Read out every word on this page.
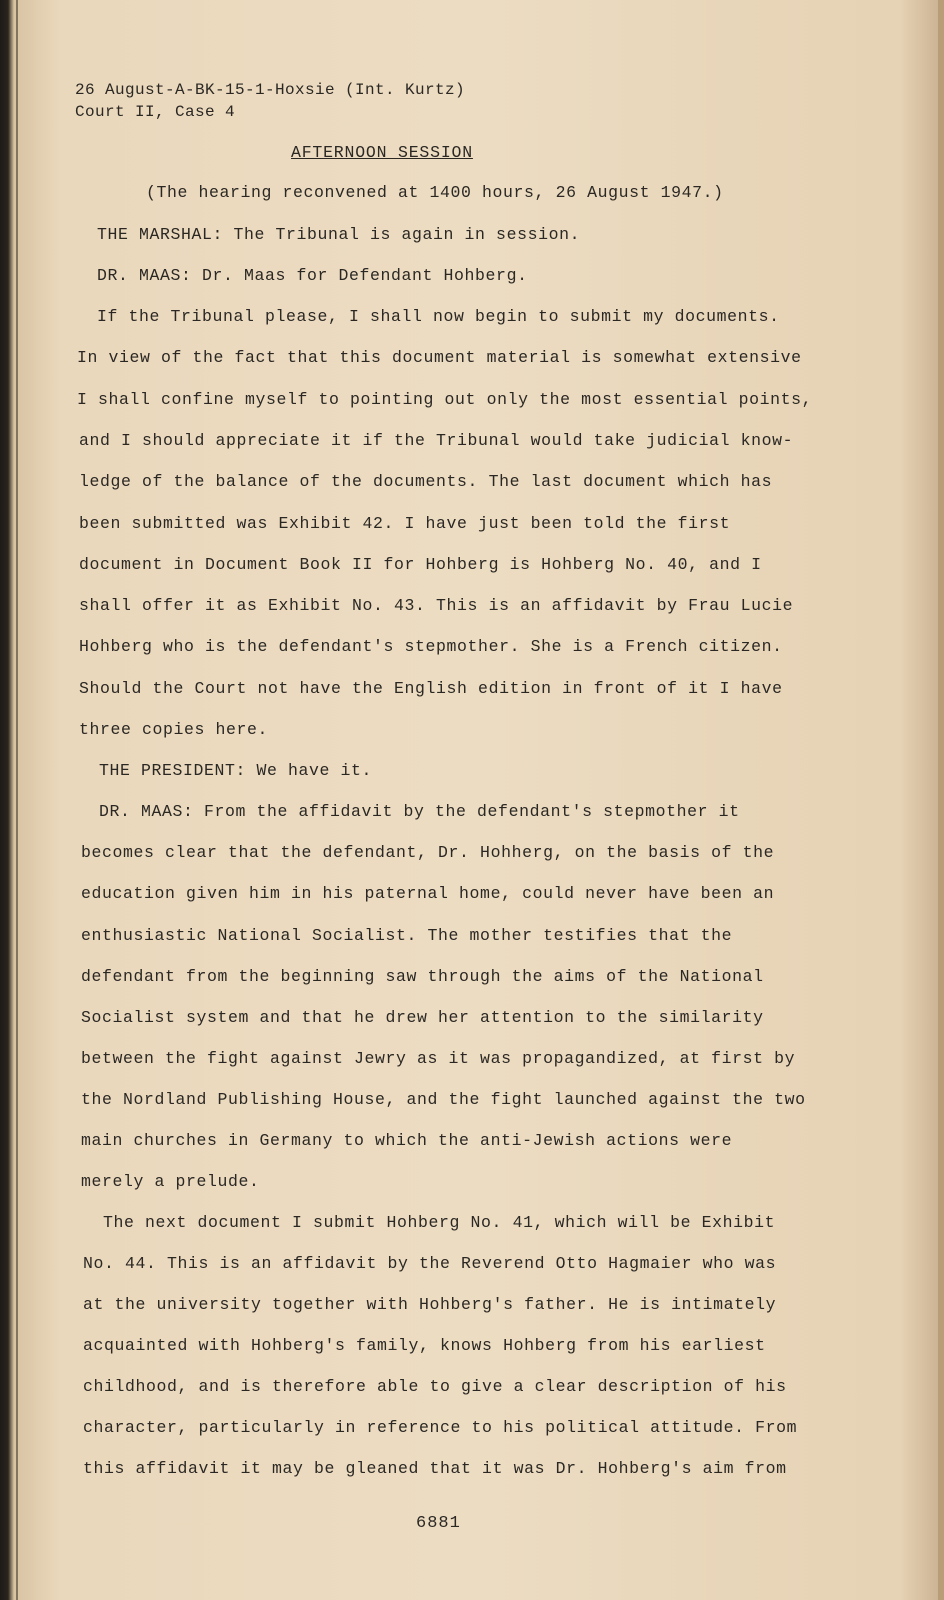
26 August-A-BK-15-1-Hoxsie (Int. Kurtz)
Court II, Case 4
AFTERNOON SESSION
(The hearing reconvened at 1400 hours, 26 August 1947.)
THE MARSHAL: The Tribunal is again in session.
DR. MAAS: Dr. Maas for Defendant Hohberg.
If the Tribunal please, I shall now begin to submit my documents.
In view of the fact that this document material is somewhat extensive
I shall confine myself to pointing out only the most essential points,
and I should appreciate it if the Tribunal would take judicial know-
ledge of the balance of the documents. The last document which has
been submitted was Exhibit 42. I have just been told the first
document in Document Book II for Hohberg is Hohberg No. 40, and I
shall offer it as Exhibit No. 43. This is an affidavit by Frau Lucie
Hohberg who is the defendant's stepmother. She is a French citizen.
Should the Court not have the English edition in front of it I have
three copies here.
THE PRESIDENT: We have it.
DR. MAAS: From the affidavit by the defendant's stepmother it
becomes clear that the defendant, Dr. Hohherg, on the basis of the
education given him in his paternal home, could never have been an
enthusiastic National Socialist. The mother testifies that the
defendant from the beginning saw through the aims of the National
Socialist system and that he drew her attention to the similarity
between the fight against Jewry as it was propagandized, at first by
the Nordland Publishing House, and the fight launched against the two
main churches in Germany to which the anti-Jewish actions were
merely a prelude.
The next document I submit Hohberg No. 41, which will be Exhibit
No. 44. This is an affidavit by the Reverend Otto Hagmaier who was
at the university together with Hohberg's father. He is intimately
acquainted with Hohberg's family, knows Hohberg from his earliest
childhood, and is therefore able to give a clear description of his
character, particularly in reference to his political attitude. From
this affidavit it may be gleaned that it was Dr. Hohberg's aim from
6881
